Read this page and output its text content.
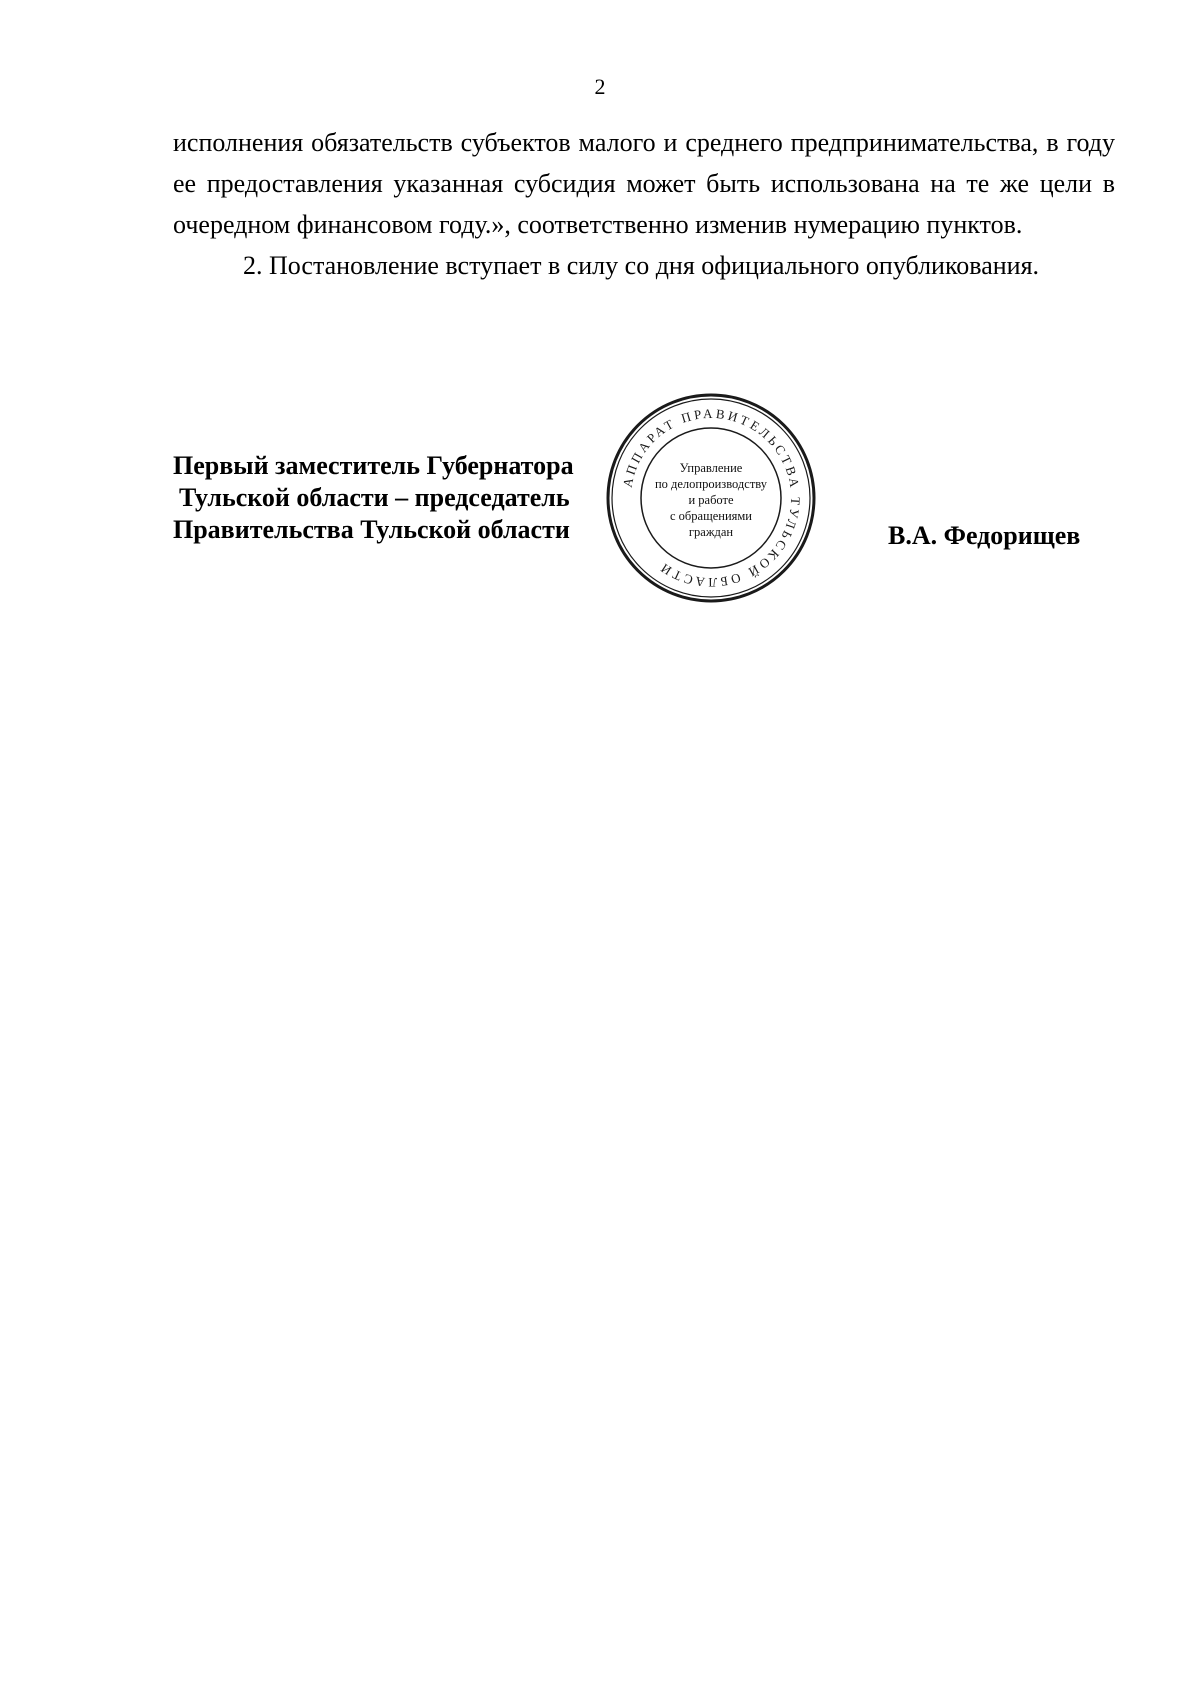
2

исполнения обязательств субъектов малого и среднего предпринимательства, в году ее предоставления указанная субсидия может быть использована на те же цели в очередном финансовом году.», соответственно изменив нумерацию пунктов.

2. Постановление вступает в силу со дня официального опубликования.

Первый заместитель Губернатора
Тульской области – председатель
Правительства Тульской области	В.А. Федорищев
АППАРАТ ПРАВИТЕЛЬСТВА ТУЛЬСКОЙ ОБЛАСТИ
Управление
по делопроизводству
и работе
с обращениями
граждан
